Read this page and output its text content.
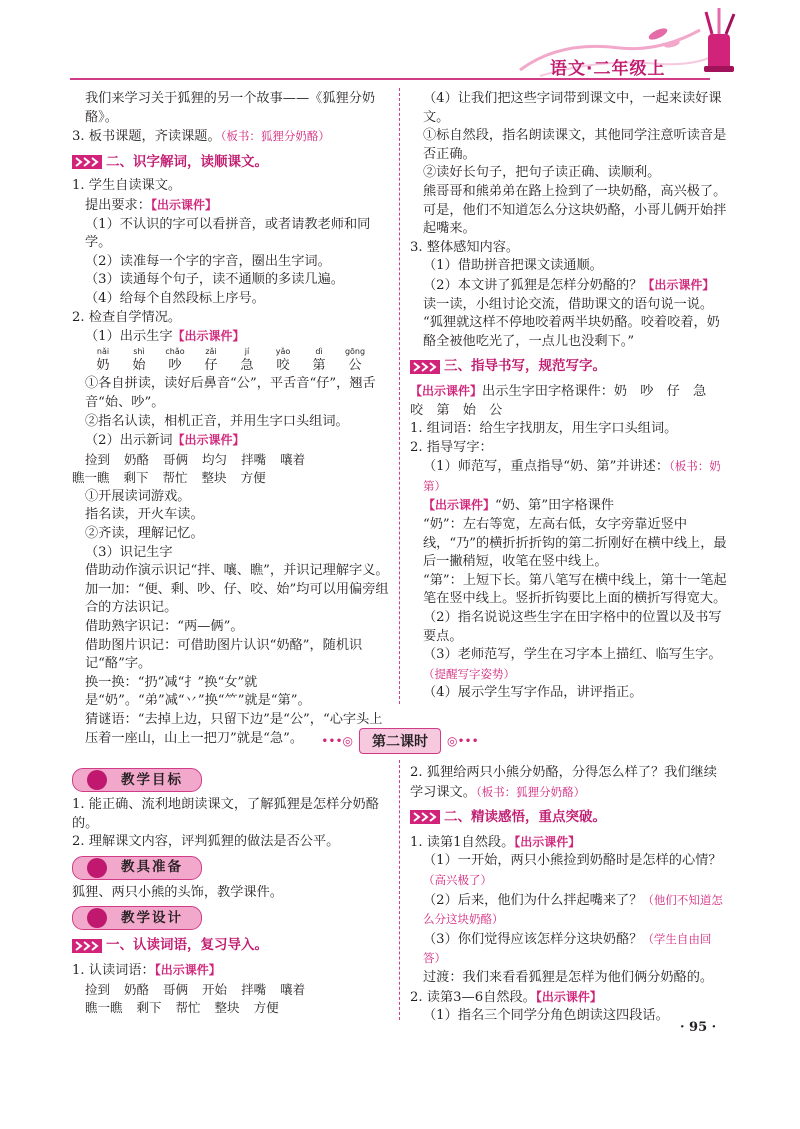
语文·二年级上

我们来学习关于狐狸的另一个故事——《狐狸分奶酪》。

3. 板书课题，齐读课题。（板书：狐狸分奶酪）

二、识字解词，读顺课文。

1. 学生自读课文。

提出要求：【出示课件】

（1）不认识的字可以看拼音，或者请教老师和同学。

（2）读准每一个字的字音，圈出生字词。

（3）读通每个句子，读不通顺的多读几遍。

（4）给每个自然段标上序号。

2. 检查自学情况。

（1）出示生字【出示课件】

nǎi	shì	chǎo	zǎi	jí	yǎo	dì	gōng
奶	始	吵	仔	急	咬	第	公

①各自拼读，读好后鼻音“公”，平舌音“仔”，翘舌音“始、吵”。

②指名认读，相机正音，并用生字口头组词。

（2）出示新词【出示课件】

捡到 奶酪 哥俩 均匀 拌嘴 嚷着
瞧一瞧 剩下 帮忙 整块 方便

①开展读词游戏。

指名读，开火车读。

②齐读，理解记忆。

（3）识记生字

借助动作演示识记“拌、嚷、瞧”，并识记理解字义。

加一加：“便、剩、吵、仔、咬、始”均可以用偏旁组合的方法识记。

借助熟字识记：“两—俩”。

借助图片识记：可借助图片认识“奶酪”，随机识记“酪”字。

换一换：“扔”减“扌”换“女”就是“奶”。“弟”减“丷”换“⺮”就是“第”。

猜谜语：“去掉上边，只留下边”是“公”，“心字头上压着一座山，山上一把刀”就是“急”。

（4）让我们把这些字词带到课文中，一起来读好课文。

①标自然段，指名朗读课文，其他同学注意听读音是否正确。

②读好长句子，把句子读正确、读顺利。

熊哥哥和熊弟弟在路上捡到了一块奶酪，高兴极了。可是，他们不知道怎么分这块奶酪，小哥儿俩开始拌起嘴来。

3. 整体感知内容。

（1）借助拼音把课文读通顺。

（2）本文讲了狐狸是怎样分奶酪的？【出示课件】

读一读，小组讨论交流，借助课文的语句说一说。

“狐狸就这样不停地咬着两半块奶酪。咬着咬着，奶酪全被他吃光了，一点儿也没剩下。”

三、指导书写，规范写字。

【出示课件】出示生字田字格课件：奶　吵　仔　急　咬　第　始　公

1. 组词语：给生字找朋友，用生字口头组词。

2. 指导写字：

（1）师范写，重点指导“奶、第”并讲述：（板书：奶第）

【出示课件】“奶、第”田字格课件

“奶”：左右等宽，左高右低，女字旁靠近竖中线，“乃”的横折折折钩的第二折刚好在横中线上，最后一撇稍短，收笔在竖中线上。

“第”：上短下长。第八笔写在横中线上，第十一笔起笔在竖中线上。竖折折钩要比上面的横折写得宽大。

（2）指名说说这些生字在田字格中的位置以及书写要点。

（3）老师范写，学生在习字本上描红、临写生字。（提醒写字姿势）

（4）展示学生写字作品，讲评指正。

•••◎	第二课时	◎•••
教学目标

1. 能正确、流利地朗读课文，了解狐狸是怎样分奶酪的。

2. 理解课文内容，评判狐狸的做法是否公平。

教具准备

狐狸、两只小熊的头饰，教学课件。

教学设计
一、认读词语，复习导入。

1. 认读词语：【出示课件】

捡到 奶酪 哥俩 开始 拌嘴 嚷着
瞧一瞧 剩下 帮忙 整块 方便

2. 狐狸给两只小熊分奶酪，分得怎么样了？我们继续学习课文。（板书：狐狸分奶酪）

二、精读感悟，重点突破。

1. 读第1自然段。【出示课件】

（1）一开始，两只小熊捡到奶酪时是怎样的心情？（高兴极了）

（2）后来，他们为什么拌起嘴来了？（他们不知道怎么分这块奶酪）

（3）你们觉得应该怎样分这块奶酪？（学生自由回答）

过渡：我们来看看狐狸是怎样为他们俩分奶酪的。

2. 读第3—6自然段。【出示课件】

（1）指名三个同学分角色朗读这四段话。

· 95 ·
